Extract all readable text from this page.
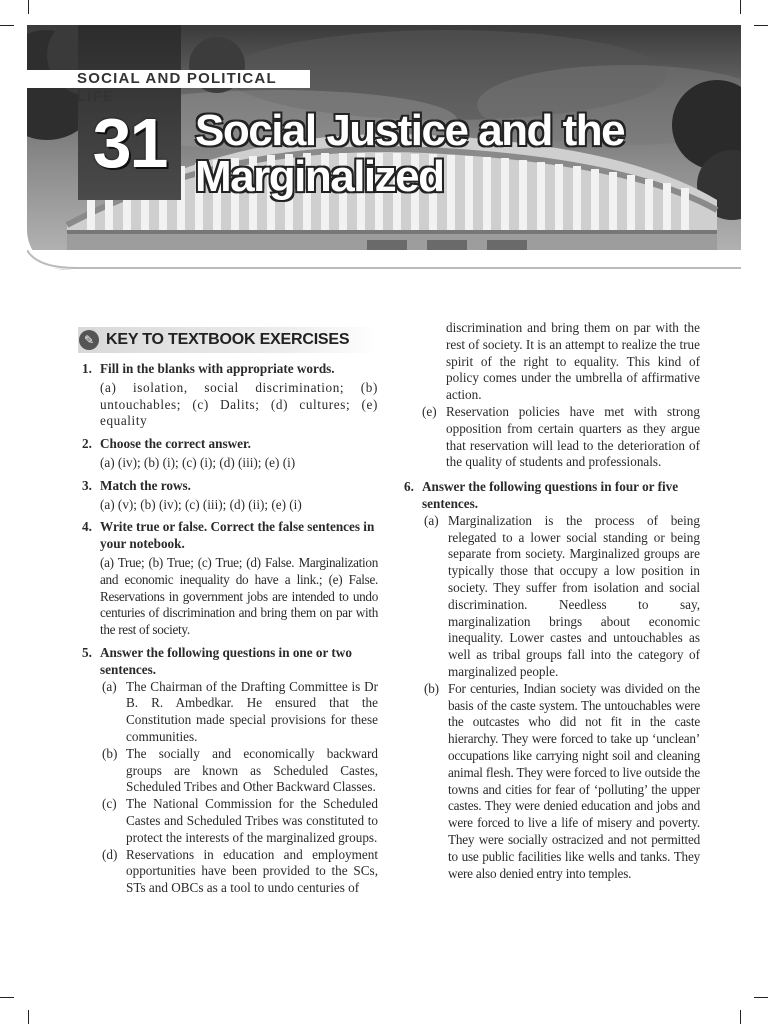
31
SOCIAL AND POLITICAL LIFE
Social Justice and the Marginalized
✎ KEY TO TEXTBOOK EXERCISES
1. Fill in the blanks with appropriate words.
(a) isolation, social discrimination; (b) untouchables; (c) Dalits; (d) cultures; (e) equality
2. Choose the correct answer.
(a) (iv); (b) (i); (c) (i); (d) (iii); (e) (i)
3. Match the rows.
(a) (v); (b) (iv); (c) (iii); (d) (ii); (e) (i)
4. Write true or false. Correct the false sentences in your notebook.
(a) True; (b) True; (c) True; (d) False. Marginalization and economic inequality do have a link.; (e) False. Reservations in government jobs are intended to undo centuries of discrimination and bring them on par with the rest of society.
5. Answer the following questions in one or two sentences.
(a) The Chairman of the Drafting Committee is Dr B. R. Ambedkar. He ensured that the Constitution made special provisions for these communities.
(b) The socially and economically backward groups are known as Scheduled Castes, Scheduled Tribes and Other Backward Classes.
(c) The National Commission for the Scheduled Castes and Scheduled Tribes was constituted to protect the interests of the marginalized groups.
(d) Reservations in education and employment opportunities have been provided to the SCs, STs and OBCs as a tool to undo centuries of
discrimination and bring them on par with the rest of society. It is an attempt to realize the true spirit of the right to equality. This kind of policy comes under the umbrella of affirmative action.
(e) Reservation policies have met with strong opposition from certain quarters as they argue that reservation will lead to the deterioration of the quality of students and professionals.
6. Answer the following questions in four or five sentences.
(a) Marginalization is the process of being relegated to a lower social standing or being separate from society. Marginalized groups are typically those that occupy a low position in society. They suffer from isolation and social discrimination. Needless to say, marginalization brings about economic inequality. Lower castes and untouchables as well as tribal groups fall into the category of marginalized people.
(b) For centuries, Indian society was divided on the basis of the caste system. The untouchables were the outcastes who did not fit in the caste hierarchy. They were forced to take up ‘unclean’ occupations like carrying night soil and cleaning animal flesh. They were forced to live outside the towns and cities for fear of ‘polluting’ the upper castes. They were denied education and jobs and were forced to live a life of misery and poverty. They were socially ostracized and not permitted to use public facilities like wells and tanks. They were also denied entry into temples.
